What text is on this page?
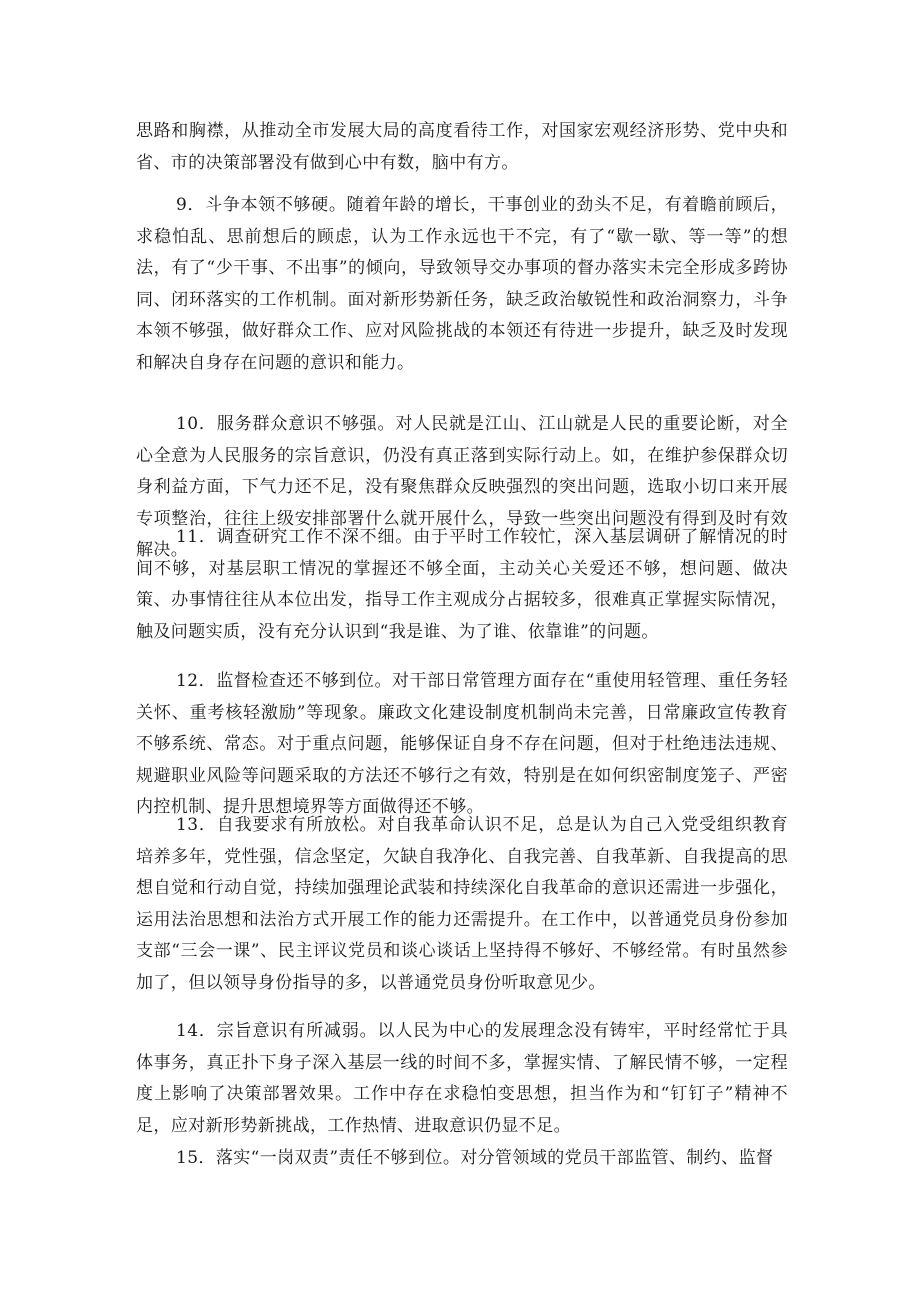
思路和胸襟，从推动全市发展大局的高度看待工作，对国家宏观经济形势、党中央和省、市的决策部署没有做到心中有数，脑中有方。

9．斗争本领不够硬。随着年龄的增长，干事创业的劲头不足，有着瞻前顾后，求稳怕乱、思前想后的顾虑，认为工作永远也干不完，有了“歇一歇、等一等”的想法，有了“少干事、不出事”的倾向，导致领导交办事项的督办落实未完全形成多跨协同、闭环落实的工作机制。面对新形势新任务，缺乏政治敏锐性和政治洞察力，斗争本领不够强，做好群众工作、应对风险挑战的本领还有待进一步提升，缺乏及时发现和解决自身存在问题的意识和能力。

10．服务群众意识不够强。对人民就是江山、江山就是人民的重要论断，对全心全意为人民服务的宗旨意识，仍没有真正落到实际行动上。如，在维护参保群众切身利益方面，下气力还不足，没有聚焦群众反映强烈的突出问题，选取小切口来开展专项整治，往往上级安排部署什么就开展什么，导致一些突出问题没有得到及时有效解决。

11．调查研究工作不深不细。由于平时工作较忙，深入基层调研了解情况的时间不够，对基层职工情况的掌握还不够全面，主动关心关爱还不够，想问题、做决策、办事情往往从本位出发，指导工作主观成分占据较多，很难真正掌握实际情况，触及问题实质，没有充分认识到“我是谁、为了谁、依靠谁”的问题。

12．监督检查还不够到位。对干部日常管理方面存在“重使用轻管理、重任务轻关怀、重考核轻激励”等现象。廉政文化建设制度机制尚未完善，日常廉政宣传教育不够系统、常态。对于重点问题，能够保证自身不存在问题，但对于杜绝违法违规、规避职业风险等问题采取的方法还不够行之有效，特别是在如何织密制度笼子、严密内控机制、提升思想境界等方面做得还不够。

13．自我要求有所放松。对自我革命认识不足，总是认为自己入党受组织教育培养多年，党性强，信念坚定，欠缺自我净化、自我完善、自我革新、自我提高的思想自觉和行动自觉，持续加强理论武装和持续深化自我革命的意识还需进一步强化，运用法治思想和法治方式开展工作的能力还需提升。在工作中，以普通党员身份参加支部“三会一课”、民主评议党员和谈心谈话上坚持得不够好、不够经常。有时虽然参加了，但以领导身份指导的多，以普通党员身份听取意见少。

14．宗旨意识有所减弱。以人民为中心的发展理念没有铸牢，平时经常忙于具体事务，真正扑下身子深入基层一线的时间不多，掌握实情、了解民情不够，一定程度上影响了决策部署效果。工作中存在求稳怕变思想，担当作为和“钉钉子”精神不足，应对新形势新挑战，工作热情、进取意识仍显不足。

15．落实“一岗双责”责任不够到位。对分管领域的党员干部监管、制约、监督
